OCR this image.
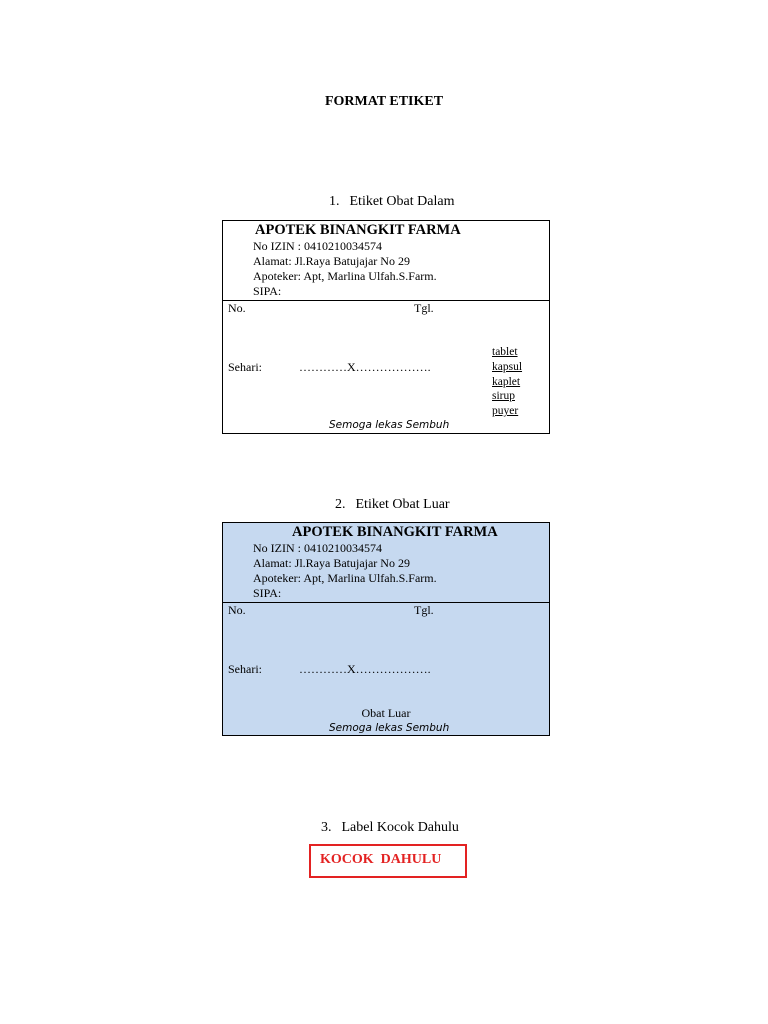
FORMAT ETIKET
1. Etiket Obat Dalam
APOTEK BINANGKIT FARMA
No IZIN : 0410210034574
Alamat: Jl.Raya Batujajar No 29
Apoteker: Apt, Marlina Ulfah.S.Farm.
SIPA:
No.	Tgl.
Sehari:	…………X……………….
tablet
kapsul
kaplet
sirup
puyer
Semoga lekas Sembuh
2. Etiket Obat Luar
APOTEK BINANGKIT FARMA
No IZIN : 0410210034574
Alamat: Jl.Raya Batujajar No 29
Apoteker: Apt, Marlina Ulfah.S.Farm.
SIPA:
No.	Tgl.
Sehari:	…………X……………….
Obat Luar
Semoga lekas Sembuh
3. Label Kocok Dahulu
KOCOK  DAHULU
